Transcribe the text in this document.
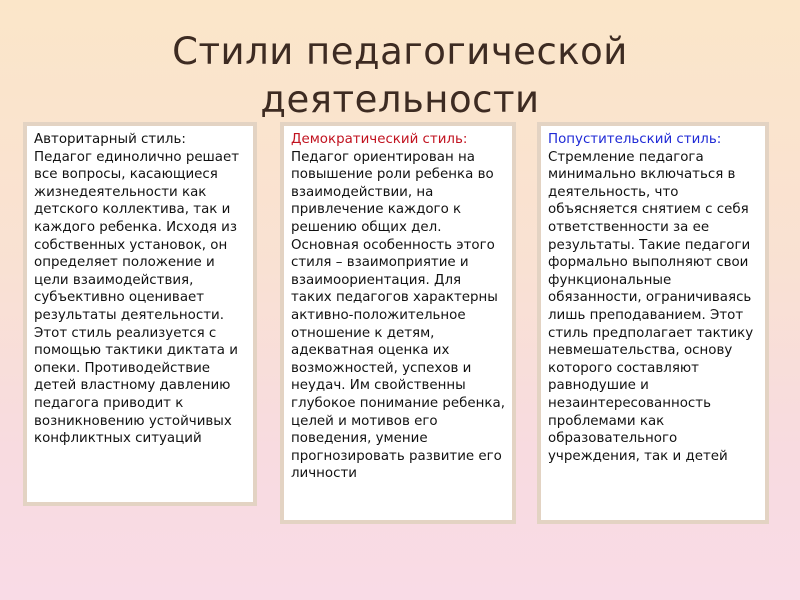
Стили педагогической
деятельности
Авторитарный стиль:
Педагог единолично решает все вопросы, касающиеся жизнедеятельности как детского коллектива, так и каждого ребенка. Исходя из собственных установок, он определяет положение и цели взаимодействия, субъективно оценивает результаты деятельности. Этот стиль реализуется с помощью тактики диктата и опеки. Противодействие детей властному давлению педагога приводит к возникновению устойчивых конфликтных ситуаций
Демократический стиль:
Педагог ориентирован на повышение роли ребенка во взаимодействии, на привлечение каждого к решению общих дел. Основная особенность этого стиля – взаимоприятие и взаимоориентация. Для таких педагогов характерны активно-положительное отношение к детям, адекватная оценка их возможностей, успехов и неудач. Им свойственны глубокое понимание ребенка, целей и мотивов его поведения, умение прогнозировать развитие его личности
Попустительский стиль:
Стремление педагога минимально включаться в деятельность, что объясняется снятием с себя ответственности за ее результаты. Такие педагоги формально выполняют свои функциональные обязанности, ограничиваясь лишь преподаванием. Этот стиль предполагает тактику невмешательства, основу которого составляют равнодушие и незаинтересованность проблемами как образовательного учреждения, так и детей
